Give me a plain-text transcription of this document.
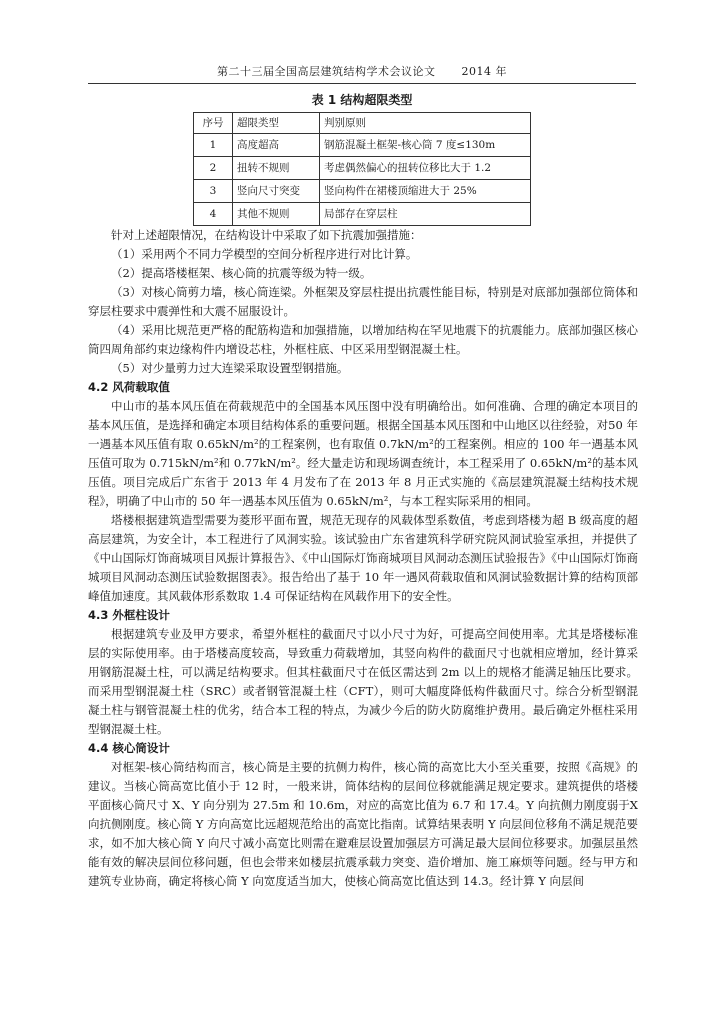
第二十三届全国高层建筑结构学术会议论文 2014 年
表 1 结构超限类型
序号	超限类型	判别原则
1	高度超高	钢筋混凝土框架-核心筒 7 度≤130m
2	扭转不规则	考虑偶然偏心的扭转位移比大于 1.2
3	竖向尺寸突变	竖向构件在裙楼顶缩进大于 25%
4	其他不规则	局部存在穿层柱

针对上述超限情况，在结构设计中采取了如下抗震加强措施：

（1）采用两个不同力学模型的空间分析程序进行对比计算。

（2）提高塔楼框架、核心筒的抗震等级为特一级。

（3）对核心筒剪力墙，核心筒连梁。外框架及穿层柱提出抗震性能目标，特别是对底部加强部位筒体和穿层柱要求中震弹性和大震不屈服设计。

（4）采用比规范更严格的配筋构造和加强措施，以增加结构在罕见地震下的抗震能力。底部加强区核心筒四周角部约束边缘构件内增设芯柱，外框柱底、中区采用型钢混凝土柱。

（5）对少量剪力过大连梁采取设置型钢措施。

4.2 风荷载取值

中山市的基本风压值在荷载规范中的全国基本风压图中没有明确给出。如何准确、合理的确定本项目的基本风压值，是选择和确定本项目结构体系的重要问题。根据全国基本风压图和中山地区以往经验，对50 年一遇基本风压值有取 0.65kN/m²的工程案例，也有取值 0.7kN/m²的工程案例。相应的 100 年一遇基本风压值可取为 0.715kN/m²和 0.77kN/m²。经大量走访和现场调查统计，本工程采用了 0.65kN/m²的基本风压值。项目完成后广东省于 2013 年 4 月发布了在 2013 年 8 月正式实施的《高层建筑混凝土结构技术规程》，明确了中山市的 50 年一遇基本风压值为 0.65kN/m²，与本工程实际采用的相同。

塔楼根据建筑造型需要为菱形平面布置，规范无现存的风载体型系数值，考虑到塔楼为超 B 级高度的超高层建筑，为安全计，本工程进行了风洞实验。该试验由广东省建筑科学研究院风洞试验室承担，并提供了《中山国际灯饰商城项目风振计算报告》、《中山国际灯饰商城项目风洞动态测压试验报告》《中山国际灯饰商城项目风洞动态测压试验数据图表》。报告给出了基于 10 年一遇风荷载取值和风洞试验数据计算的结构顶部峰值加速度。其风载体形系数取 1.4 可保证结构在风载作用下的安全性。

4.3 外框柱设计

根据建筑专业及甲方要求，希望外框柱的截面尺寸以小尺寸为好，可提高空间使用率。尤其是塔楼标准层的实际使用率。由于塔楼高度较高，导致重力荷载增加，其竖向构件的截面尺寸也就相应增加，经计算采用钢筋混凝土柱，可以满足结构要求。但其柱截面尺寸在低区需达到 2m 以上的规格才能满足轴压比要求。而采用型钢混凝土柱（SRC）或者钢管混凝土柱（CFT），则可大幅度降低构件截面尺寸。综合分析型钢混凝土柱与钢管混凝土柱的优劣，结合本工程的特点，为减少今后的防火防腐维护费用。最后确定外框柱采用型钢混凝土柱。

4.4 核心筒设计

对框架-核心筒结构而言，核心筒是主要的抗侧力构件，核心筒的高宽比大小至关重要，按照《高规》的建议。当核心筒高宽比值小于 12 时，一般来讲，筒体结构的层间位移就能满足规定要求。建筑提供的塔楼平面核心筒尺寸 X、Y 向分别为 27.5m 和 10.6m，对应的高宽比值为 6.7 和 17.4。Y 向抗侧力刚度弱于X 向抗侧刚度。核心筒 Y 方向高宽比远超规范给出的高宽比指南。试算结果表明 Y 向层间位移角不满足规范要求，如不加大核心筒 Y 向尺寸减小高宽比则需在避难层设置加强层方可满足最大层间位移要求。加强层虽然能有效的解决层间位移问题，但也会带来如楼层抗震承载力突变、造价增加、施工麻烦等问题。经与甲方和建筑专业协商，确定将核心筒 Y 向宽度适当加大，使核心筒高宽比值达到 14.3。经计算 Y 向层间
